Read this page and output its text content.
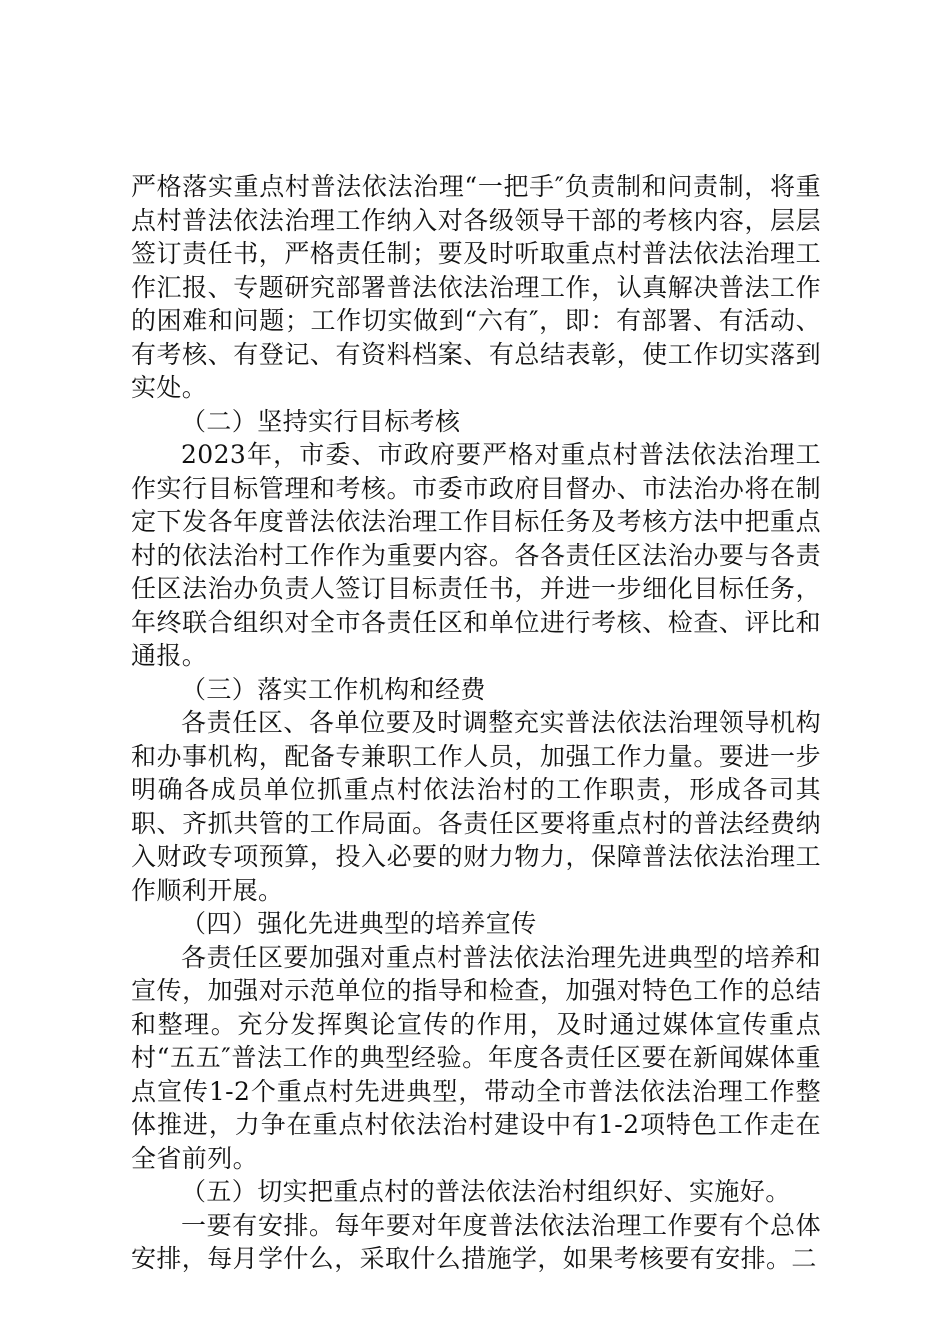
严格落实重点村普法依法治理“一把手″负责制和问责制，将重点村普法依法治理工作纳入对各级领导干部的考核内容，层层签订责任书，严格责任制；要及时听取重点村普法依法治理工作汇报、专题研究部署普法依法治理工作，认真解决普法工作的困难和问题；工作切实做到“六有″，即：有部署、有活动、有考核、有登记、有资料档案、有总结表彰，使工作切实落到实处。

（二）坚持实行目标考核

2023年，市委、市政府要严格对重点村普法依法治理工作实行目标管理和考核。市委市政府目督办、市法治办将在制定下发各年度普法依法治理工作目标任务及考核方法中把重点村的依法治村工作作为重要内容。各各责任区法治办要与各责任区法治办负责人签订目标责任书，并进一步细化目标任务，年终联合组织对全市各责任区和单位进行考核、检查、评比和通报。

（三）落实工作机构和经费

各责任区、各单位要及时调整充实普法依法治理领导机构和办事机构，配备专兼职工作人员，加强工作力量。要进一步明确各成员单位抓重点村依法治村的工作职责，形成各司其职、齐抓共管的工作局面。各责任区要将重点村的普法经费纳入财政专项预算，投入必要的财力物力，保障普法依法治理工作顺利开展。

（四）强化先进典型的培养宣传

各责任区要加强对重点村普法依法治理先进典型的培养和宣传，加强对示范单位的指导和检查，加强对特色工作的总结和整理。充分发挥舆论宣传的作用，及时通过媒体宣传重点村“五五″普法工作的典型经验。年度各责任区要在新闻媒体重点宣传1-2个重点村先进典型，带动全市普法依法治理工作整体推进，力争在重点村依法治村建设中有1-2项特色工作走在全省前列。

（五）切实把重点村的普法依法治村组织好、实施好。

一要有安排。每年要对年度普法依法治理工作要有个总体安排，每月学什么，采取什么措施学，如果考核要有安排。二
